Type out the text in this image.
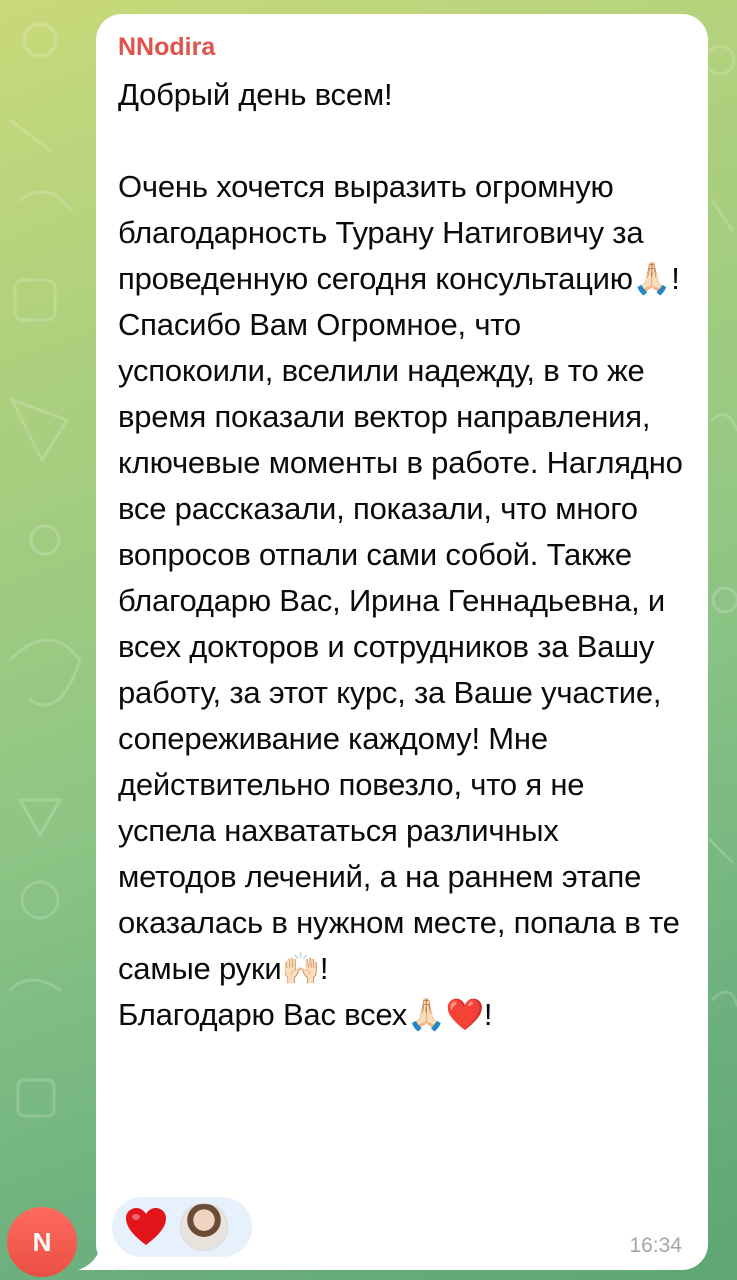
NNodira
Добрый день всем!

Очень хочется выразить огромную благодарность Турану Натиговичу за проведенную сегодня консультацию🙏🏻!
Спасибо Вам Огромное, что успокоили, вселили надежду, в то же время показали вектор направления, ключевые моменты в работе. Наглядно все рассказали, показали, что много вопросов отпали сами собой. Также благодарю Вас, Ирина Геннадьевна, и всех докторов и сотрудников за Вашу работу, за этот курс, за Ваше участие, сопереживание каждому! Мне действительно повезло, что я не успела нахвататься различных методов лечений, а на раннем этапе оказалась в нужном месте, попала в те самые руки🙌🏻!
Благодарю Вас всех🙏🏻❤️!
16:34
N
